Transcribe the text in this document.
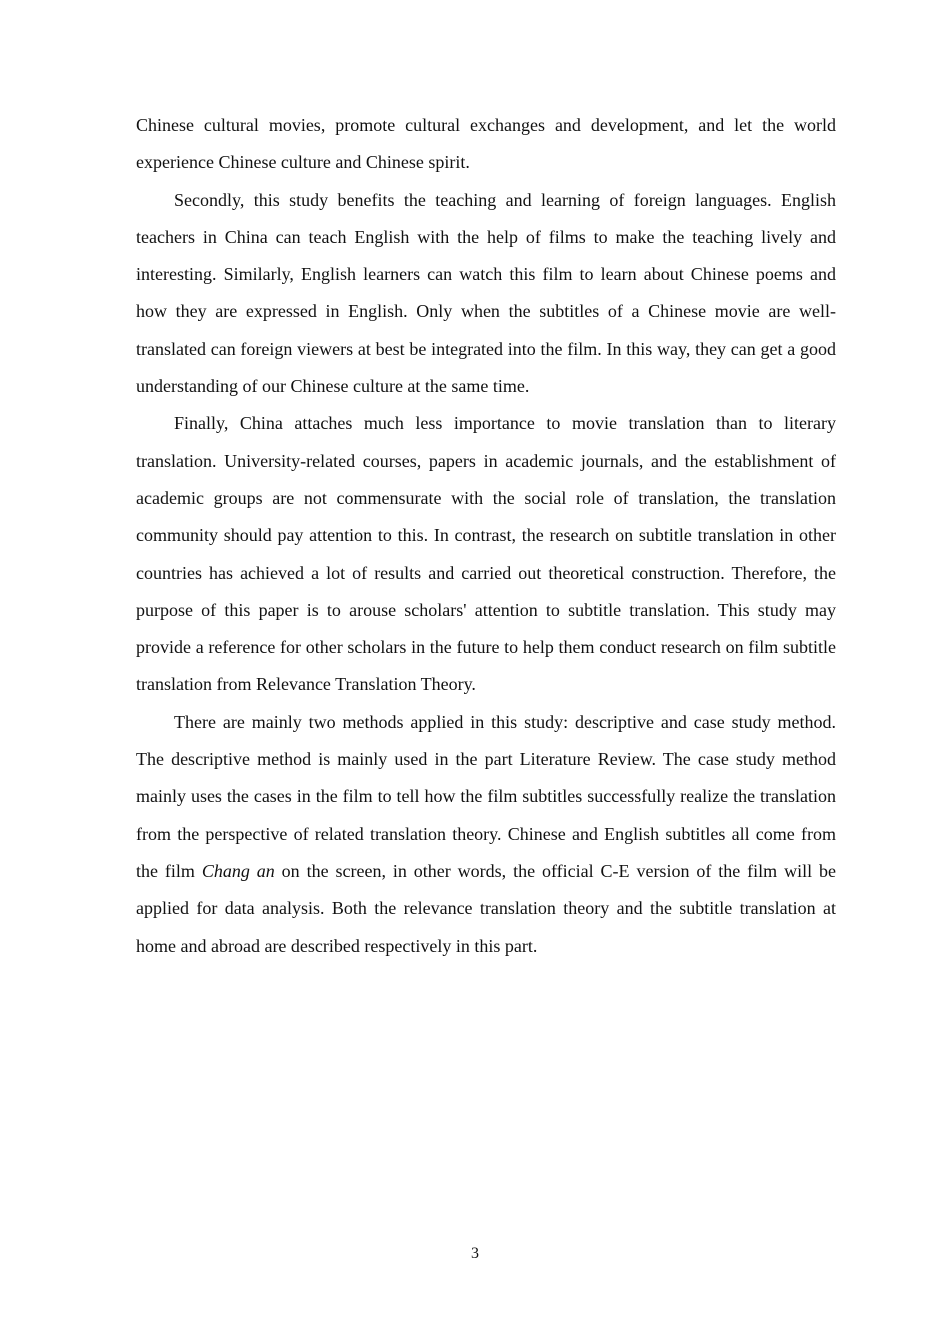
Chinese cultural movies, promote cultural exchanges and development, and let the world experience Chinese culture and Chinese spirit.

Secondly, this study benefits the teaching and learning of foreign languages. English teachers in China can teach English with the help of films to make the teaching lively and interesting. Similarly, English learners can watch this film to learn about Chinese poems and how they are expressed in English. Only when the subtitles of a Chinese movie are well-translated can foreign viewers at best be integrated into the film. In this way, they can get a good understanding of our Chinese culture at the same time.

Finally, China attaches much less importance to movie translation than to literary translation. University-related courses, papers in academic journals, and the establishment of academic groups are not commensurate with the social role of translation, the translation community should pay attention to this. In contrast, the research on subtitle translation in other countries has achieved a lot of results and carried out theoretical construction. Therefore, the purpose of this paper is to arouse scholars' attention to subtitle translation. This study may provide a reference for other scholars in the future to help them conduct research on film subtitle translation from Relevance Translation Theory.

There are mainly two methods applied in this study: descriptive and case study method. The descriptive method is mainly used in the part Literature Review. The case study method mainly uses the cases in the film to tell how the film subtitles successfully realize the translation from the perspective of related translation theory. Chinese and English subtitles all come from the film Chang an on the screen, in other words, the official C-E version of the film will be applied for data analysis. Both the relevance translation theory and the subtitle translation at home and abroad are described respectively in this part.

3
